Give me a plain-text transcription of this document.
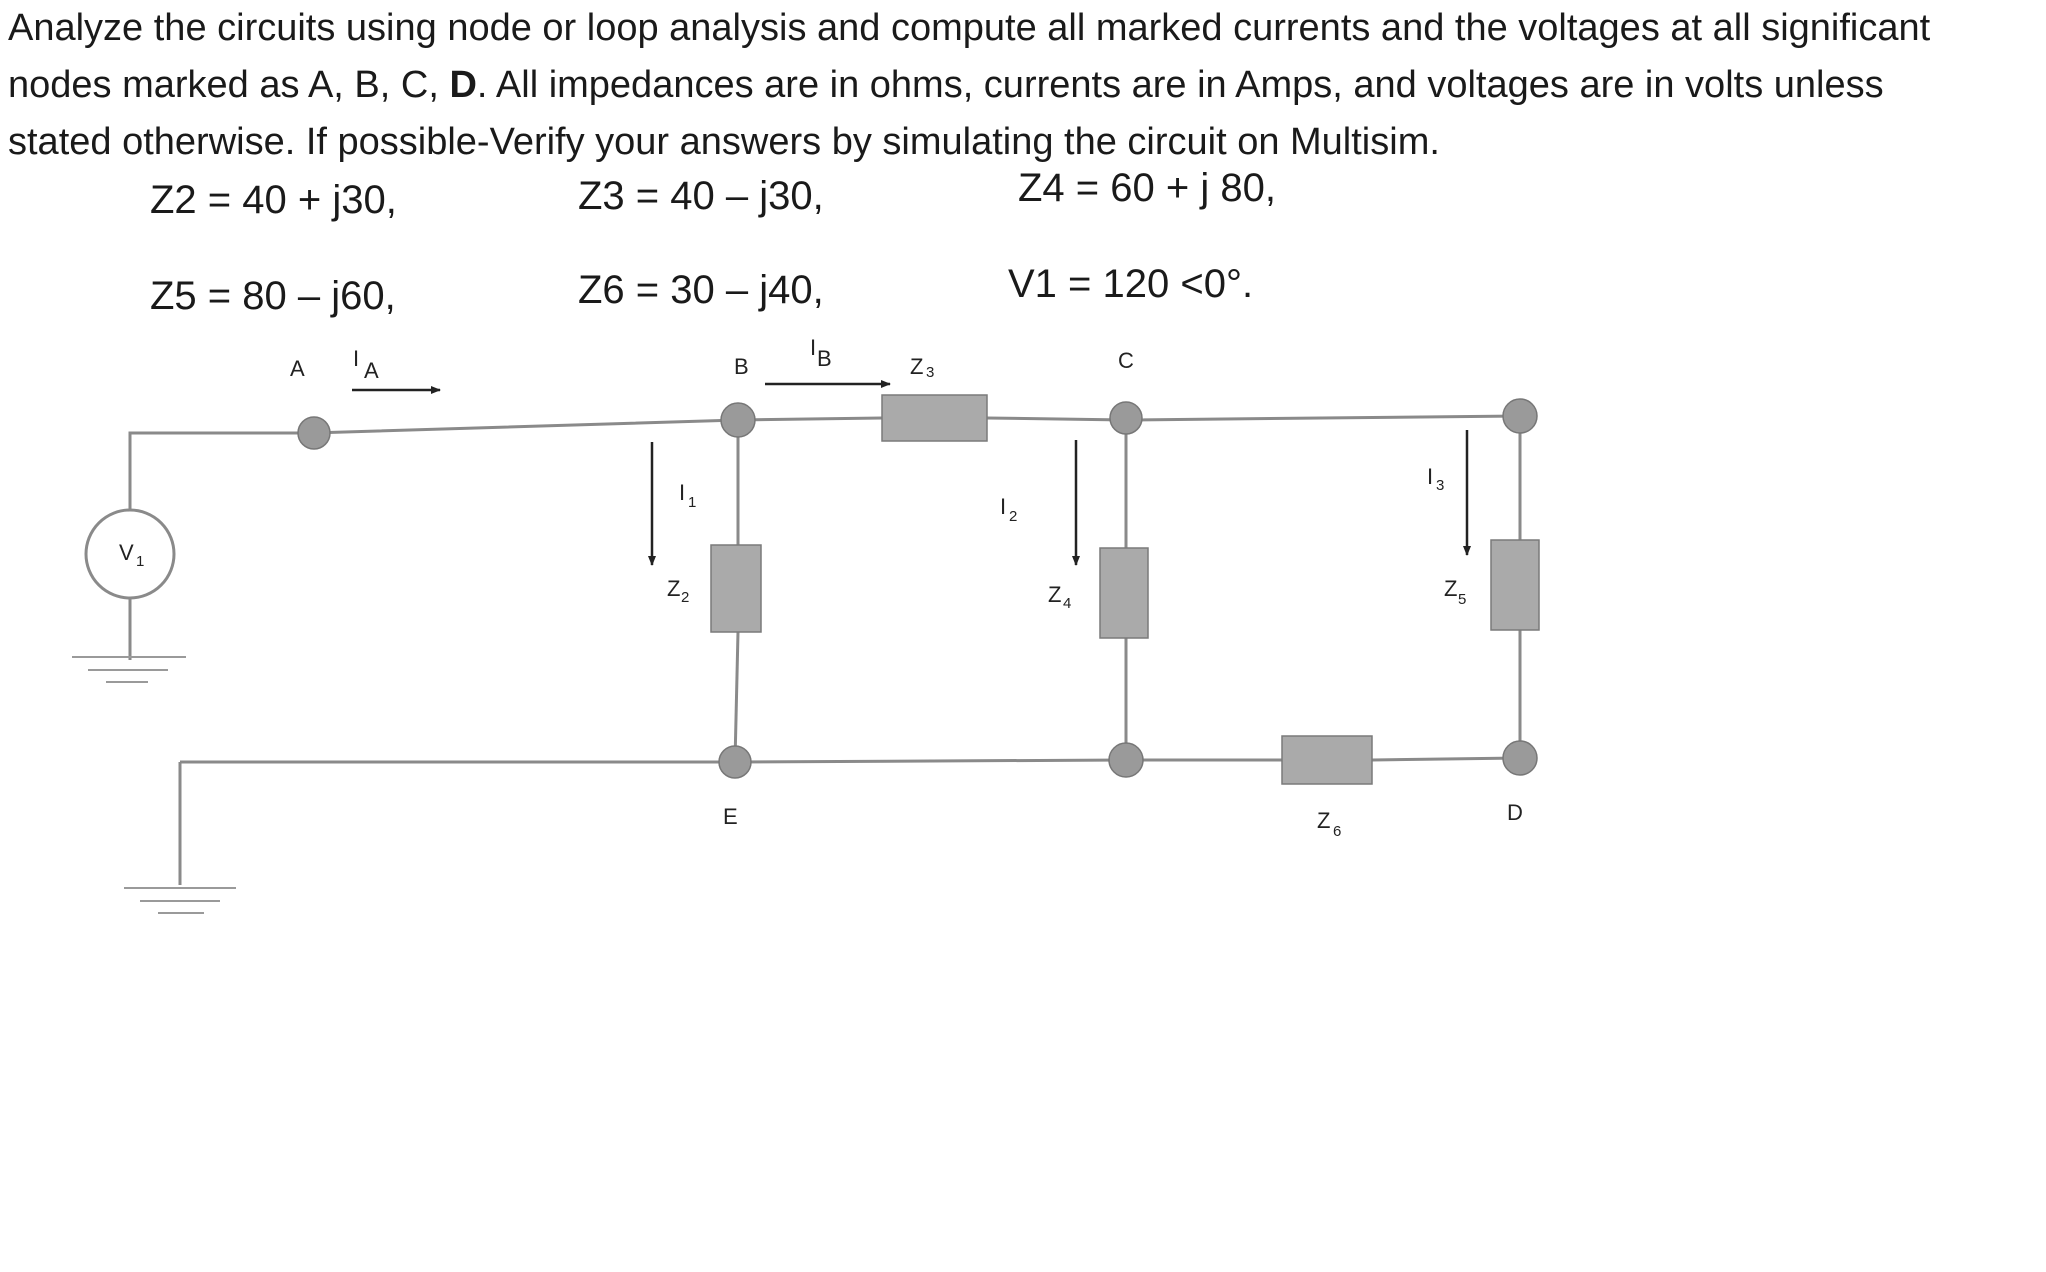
Analyze the circuits using node or loop analysis and compute all marked currents and the voltages at all significant

nodes marked as A, B, C, D. All impedances are in ohms, currents are in Amps, and voltages are in volts unless

stated otherwise. If possible-Verify your answers by simulating the circuit on Multisim.

Z2 = 40 + j30,	Z3 = 40 – j30,	Z4 = 60 + j 80,
Z5 = 80 – j60,	Z6 = 30 – j40,	V1 = 120 <0°.
V 1
A	B	C
D
E
I A
I B
I 1	I 2
I 3
Z 2
Z 3
Z 4
Z 5
Z 6
